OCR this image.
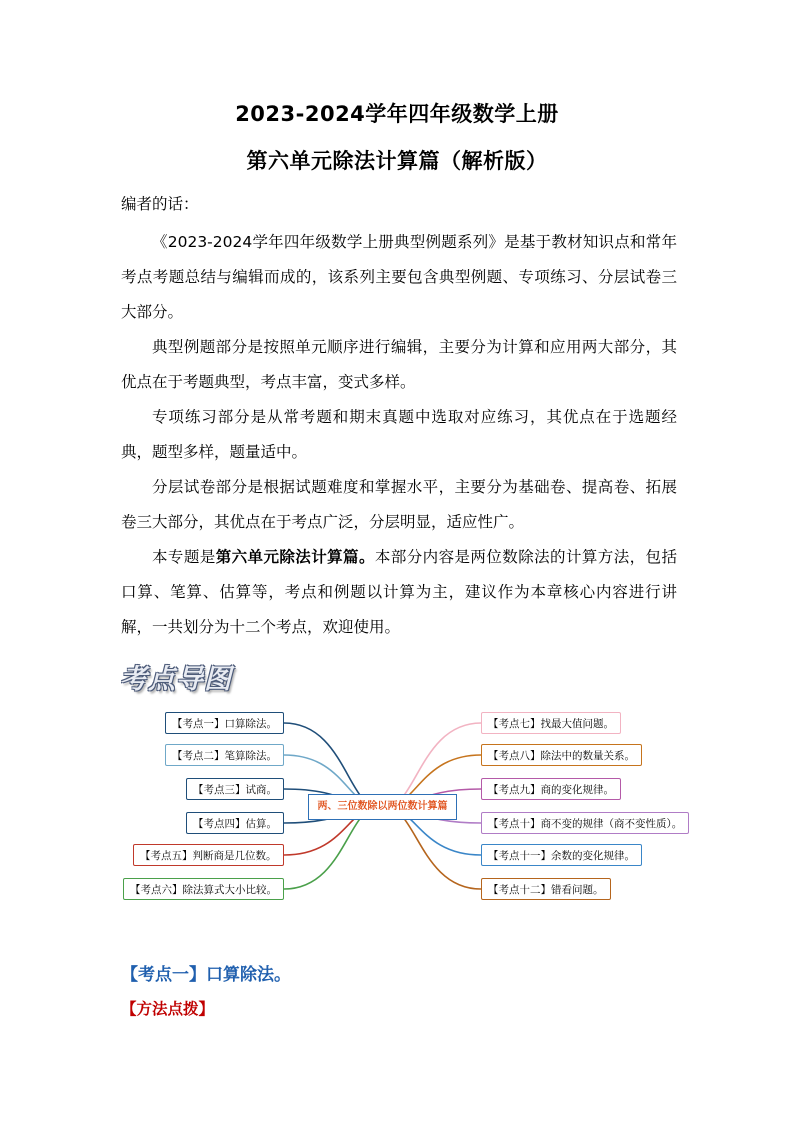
2023-2024学年四年级数学上册
第六单元除法计算篇（解析版）
编者的话：
《2023-2024学年四年级数学上册典型例题系列》是基于教材知识点和常年考点考题总结与编辑而成的，该系列主要包含典型例题、专项练习、分层试卷三大部分。
典型例题部分是按照单元顺序进行编辑，主要分为计算和应用两大部分，其优点在于考题典型，考点丰富，变式多样。
专项练习部分是从常考题和期末真题中选取对应练习，其优点在于选题经典，题型多样，题量适中。
分层试卷部分是根据试题难度和掌握水平，主要分为基础卷、提高卷、拓展卷三大部分，其优点在于考点广泛，分层明显，适应性广。
本专题是第六单元除法计算篇。本部分内容是两位数除法的计算方法，包括口算、笔算、估算等，考点和例题以计算为主，建议作为本章核心内容进行讲解，一共划分为十二个考点，欢迎使用。
考点导图
两、三位数除以两位数计算篇
【考点一】口算除法。
【考点二】笔算除法。
【考点三】试商。
【考点四】估算。
【考点五】判断商是几位数。
【考点六】除法算式大小比较。
【考点七】找最大值问题。
【考点八】除法中的数量关系。
【考点九】商的变化规律。
【考点十】商不变的规律（商不变性质）。
【考点十一】余数的变化规律。
【考点十二】错看问题。
【考点一】口算除法。
【方法点拨】
